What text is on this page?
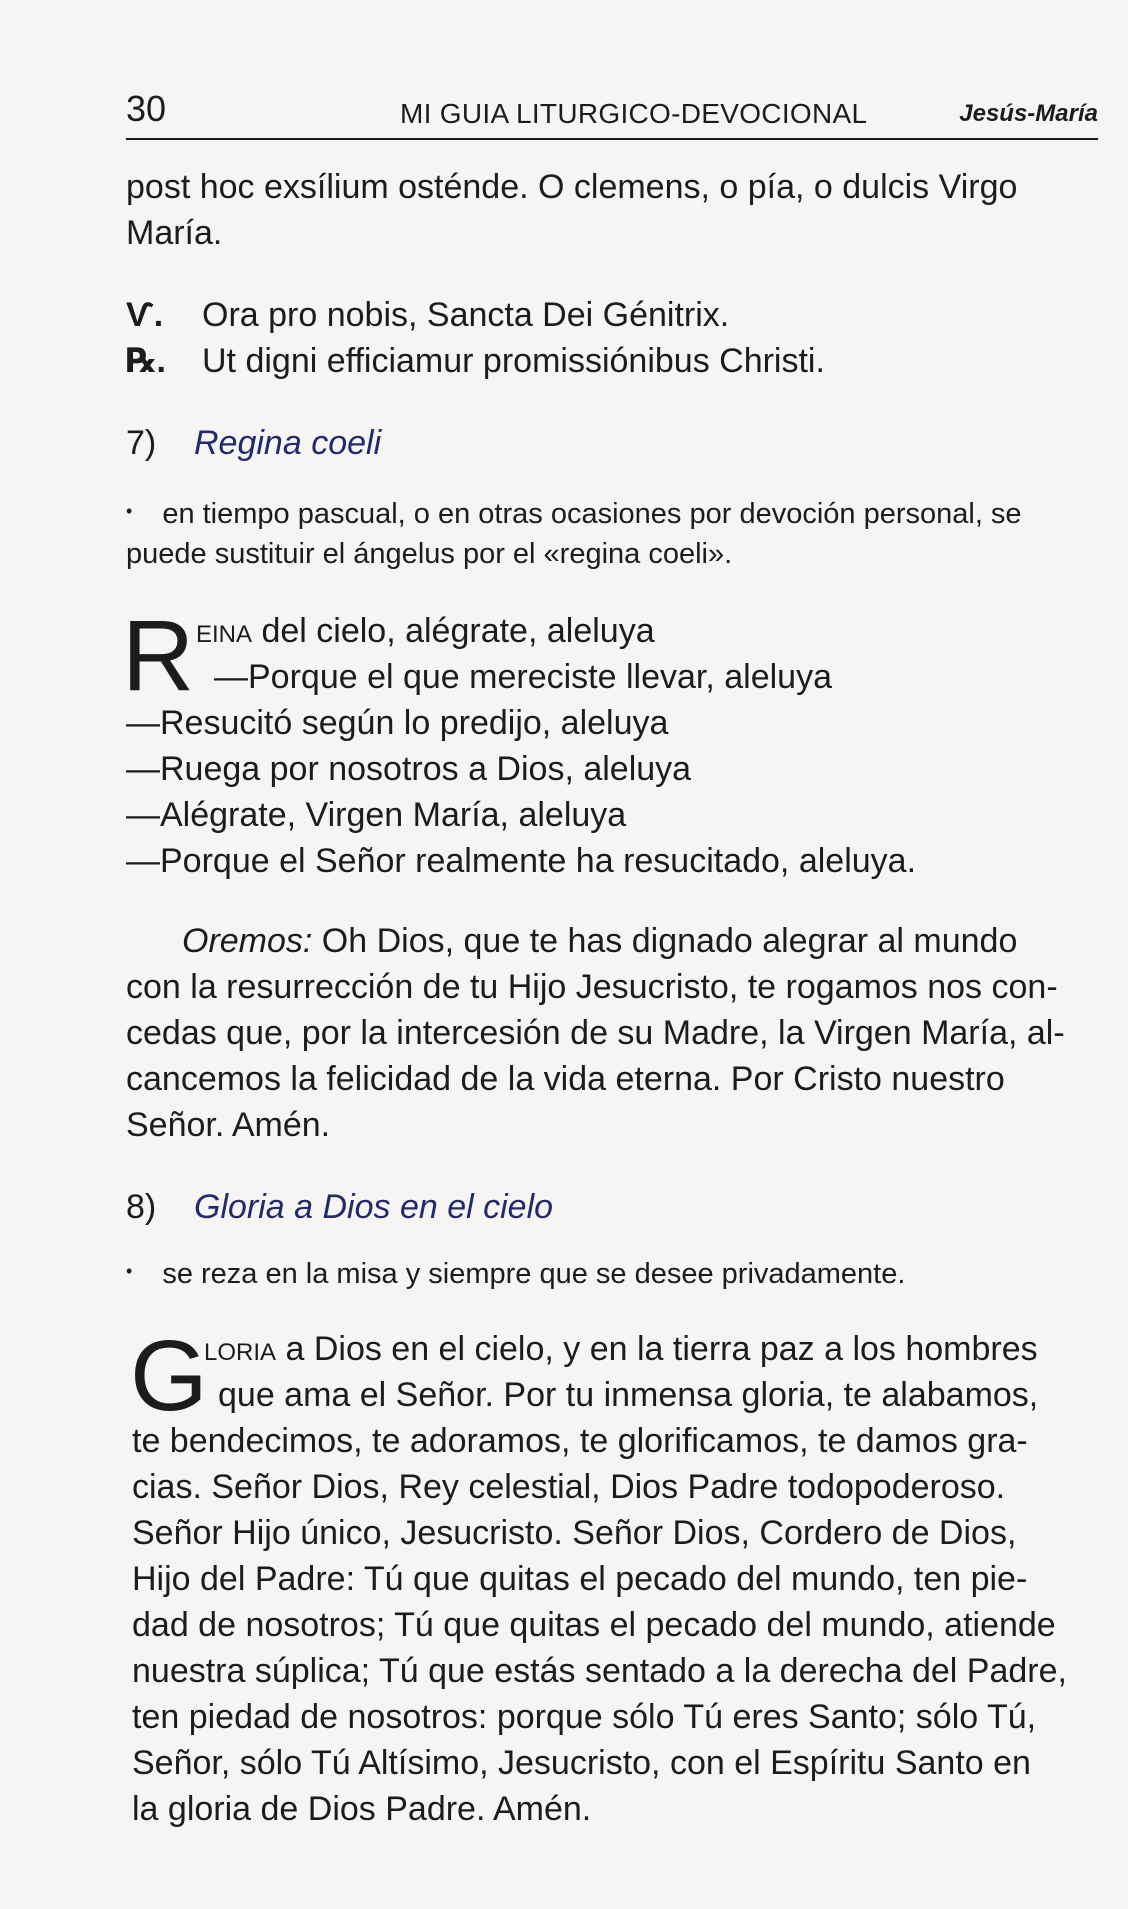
30	MI GUIA LITURGICO-DEVOCIONAL	Jesús-María
post hoc exsílium osténde. O clemens, o pía, o dulcis Virgo
María.
Ѵ. Ora pro nobis, Sancta Dei Génitrix.
℞. Ut digni efficiamur promissiónibus Christi.
7) Regina coeli
• en tiempo pascual, o en otras ocasiones por devoción personal, se
puede sustituir el ángelus por el «regina coeli».
R EINA del cielo, alégrate, aleluya
—Porque el que mereciste llevar, aleluya
—Resucitó según lo predijo, aleluya
—Ruega por nosotros a Dios, aleluya
—Alégrate, Virgen María, aleluya
—Porque el Señor realmente ha resucitado, aleluya.
Oremos: Oh Dios, que te has dignado alegrar al mundo
con la resurrección de tu Hijo Jesucristo, te rogamos nos con-
cedas que, por la intercesión de su Madre, la Virgen María, al-
cancemos la felicidad de la vida eterna. Por Cristo nuestro
Señor. Amén.
8) Gloria a Dios en el cielo
• se reza en la misa y siempre que se desee privadamente.
G
LORIA a Dios en el cielo, y en la tierra paz a los hombres
que ama el Señor. Por tu inmensa gloria, te alabamos,
te bendecimos, te adoramos, te glorificamos, te damos gra-
cias. Señor Dios, Rey celestial, Dios Padre todopoderoso.
Señor Hijo único, Jesucristo. Señor Dios, Cordero de Dios,
Hijo del Padre: Tú que quitas el pecado del mundo, ten pie-
dad de nosotros; Tú que quitas el pecado del mundo, atiende
nuestra súplica; Tú que estás sentado a la derecha del Padre,
ten piedad de nosotros: porque sólo Tú eres Santo; sólo Tú,
Señor, sólo Tú Altísimo, Jesucristo, con el Espíritu Santo en
la gloria de Dios Padre. Amén.
